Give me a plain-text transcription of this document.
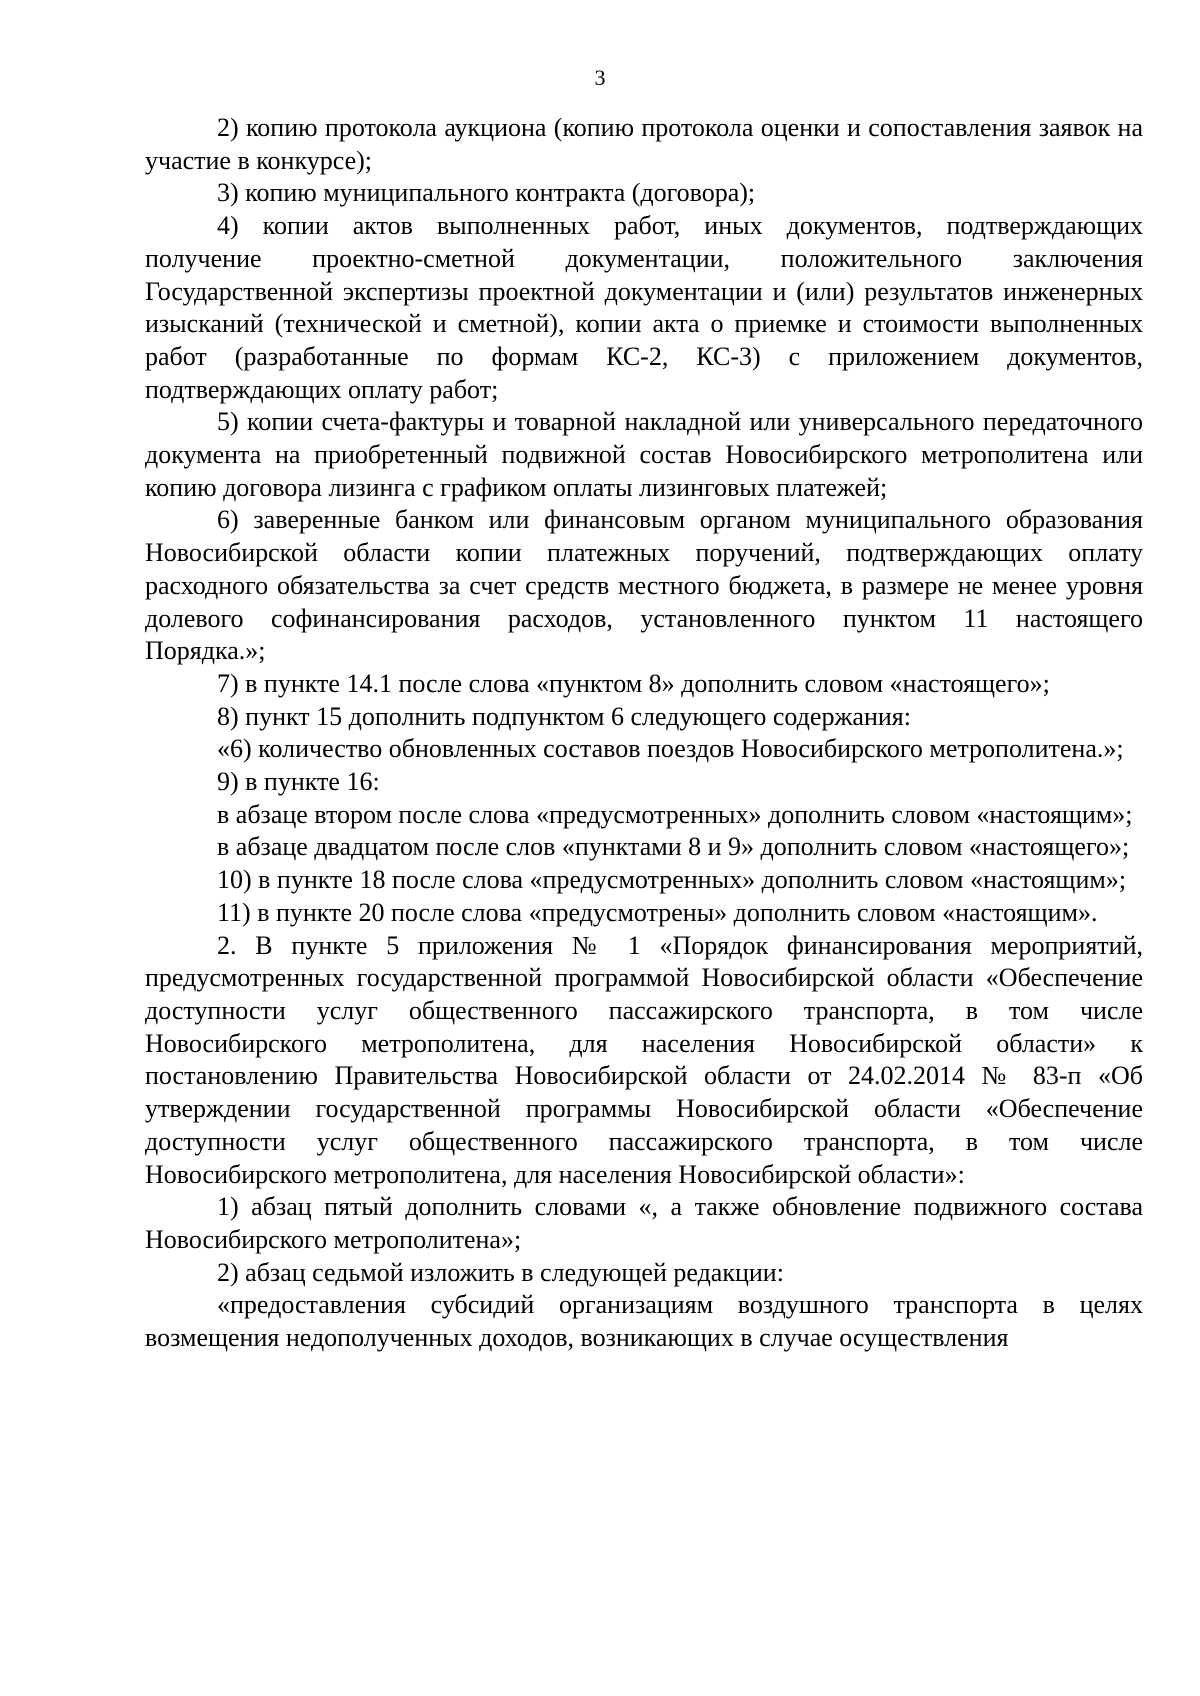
3

2) копию протокола аукциона (копию протокола оценки и сопоставления заявок на участие в конкурсе);

3) копию муниципального контракта (договора);

4) копии актов выполненных работ, иных документов, подтверждающих получение проектно-сметной документации, положительного заключения Государственной экспертизы проектной документации и (или) результатов инженерных изысканий (технической и сметной), копии акта о приемке и стоимости выполненных работ (разработанные по формам КС-2, КС-3) с приложением документов, подтверждающих оплату работ;

5) копии счета-фактуры и товарной накладной или универсального передаточного документа на приобретенный подвижной состав Новосибирского метрополитена или копию договора лизинга с графиком оплаты лизинговых платежей;

6) заверенные банком или финансовым органом муниципального образования Новосибирской области копии платежных поручений, подтверждающих оплату расходного обязательства за счет средств местного бюджета, в размере не менее уровня долевого софинансирования расходов, установленного пунктом 11 настоящего Порядка.»;

7) в пункте 14.1 после слова «пунктом 8» дополнить словом «настоящего»;

8) пункт 15 дополнить подпунктом 6 следующего содержания:

«6) количество обновленных составов поездов Новосибирского метрополитена.»;

9) в пункте 16:

в абзаце втором после слова «предусмотренных» дополнить словом «настоящим»;

в абзаце двадцатом после слов «пунктами 8 и 9» дополнить словом «настоящего»;

10) в пункте 18 после слова «предусмотренных» дополнить словом «настоящим»;

11) в пункте 20 после слова «предусмотрены» дополнить словом «настоящим».

2. В пункте 5 приложения № 1 «Порядок финансирования мероприятий, предусмотренных государственной программой Новосибирской области «Обеспечение доступности услуг общественного пассажирского транспорта, в том числе Новосибирского метрополитена, для населения Новосибирской области» к постановлению Правительства Новосибирской области от 24.02.2014 № 83-п «Об утверждении государственной программы Новосибирской области «Обеспечение доступности услуг общественного пассажирского транспорта, в том числе Новосибирского метрополитена, для населения Новосибирской области»:

1) абзац пятый дополнить словами «, а также обновление подвижного состава Новосибирского метрополитена»;

2) абзац седьмой изложить в следующей редакции:

«предоставления субсидий организациям воздушного транспорта в целях возмещения недополученных доходов, возникающих в случае осуществления
